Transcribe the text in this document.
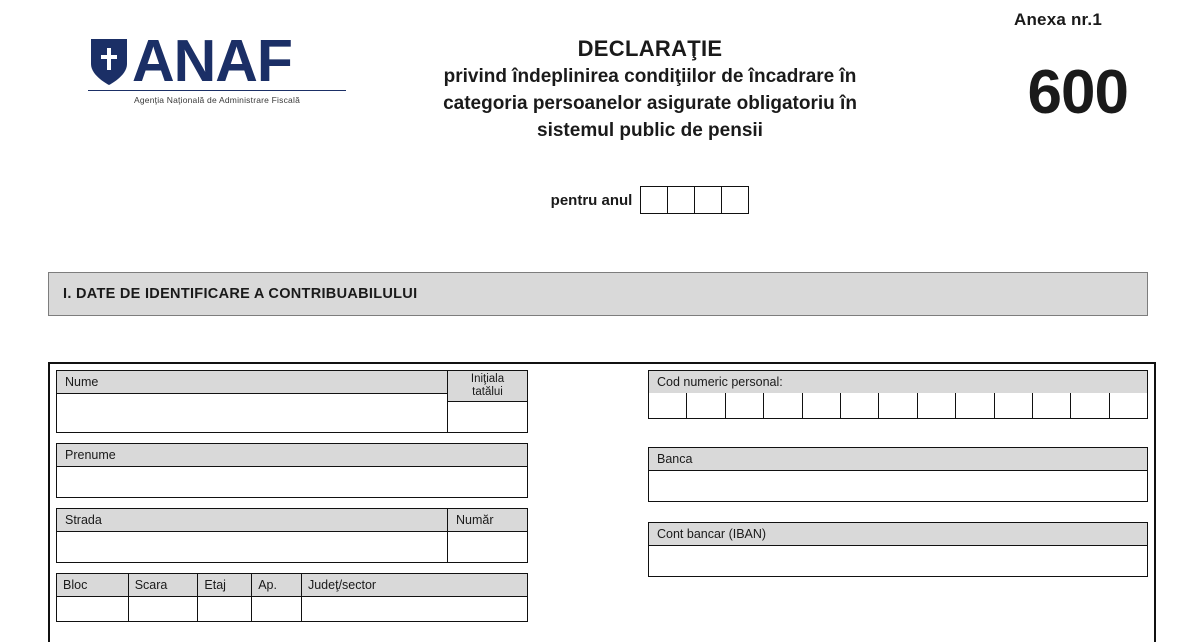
Anexa nr.1
ANAF
Agenţia Naţională de Administrare Fiscală
DECLARAŢIE
privind îndeplinirea condiţiilor de încadrare în
categoria persoanelor asigurate obligatoriu în
sistemul public de pensii
600
pentru anul
I. DATE DE IDENTIFICARE A CONTRIBUABILULUI
Nume	Iniţiala
tatălui
Prenume
Strada	Număr
Bloc	Scara	Etaj	Ap.	Judeţ/sector
Cod numeric personal:
Banca
Cont bancar (IBAN)
